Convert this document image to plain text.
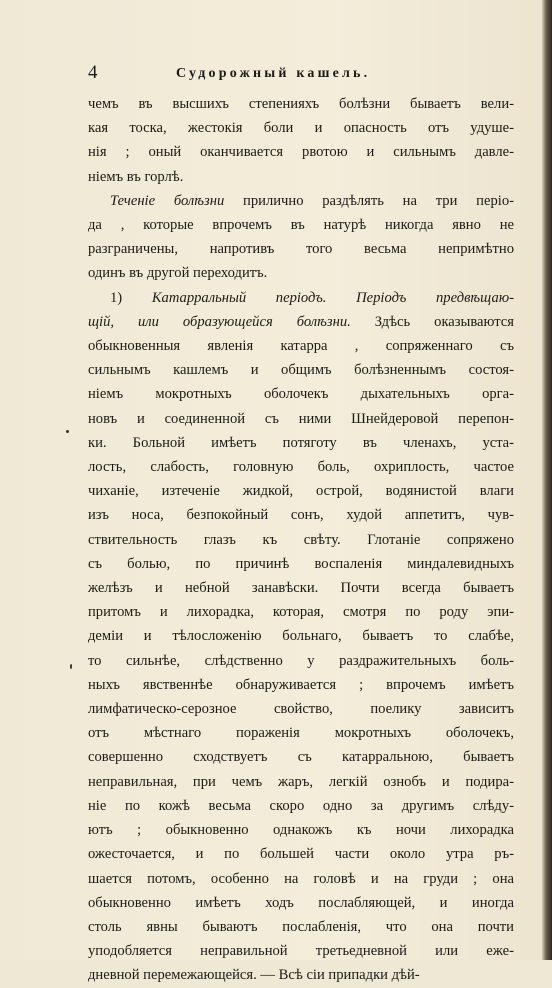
4	Судорожный кашель.

чемъ въ высшихъ степенияхъ болѣзни бываетъ вели-
кая тоска, жестокія боли и опасность отъ удуше-
нія ; оный оканчивается рвотою и сильнымъ давле-
ніемъ въ горлѣ.

Теченіе болѣзни прилично раздѣлять на три періо-
да , которые впрочемъ въ натурѣ никогда явно не
разграничены, напротивъ того весьма непримѣтно
одинъ въ другой переходитъ.

1) Катарральный періодъ. Періодъ предвѣщаю-
щій, или образующейся болѣзни. Здѣсь оказываются
обыкновенныя явленія катарра , сопряженнаго съ
сильнымъ кашлемъ и общимъ болѣзненнымъ состоя-
ніемъ мокротныхъ оболочекъ дыхательныхъ орга-
новъ и соединенной съ ними Шнейдеровой перепон-
ки. Больной имѣетъ потяготу въ членахъ, устa-
лость, слабость, головную боль, охриплость, частое
чиханіе, изтеченіе жидкой, острой, водянистой влаги
изъ носа, безпокойный сонъ, худой аппетитъ, чув-
ствительность глазъ къ свѣту. Глотаніе сопряжено
съ болью, по причинѣ воспаленія миндалевидныхъ
желѣзъ и небной занавѣски. Почти всегда бываетъ
притомъ и лихорадка, которая, смотря по роду эпи-
деміи и тѣлосложенію больнаго, бываетъ то слабѣе,
то сильнѣе, слѣдственно у раздражительныхъ боль-
ныхъ явственнѣе обнаруживается ; впрочемъ имѣетъ
лимфатическо-серозное свойство, поелику зависитъ
отъ мѣстнаго пораженія мокротныхъ оболочекъ,
совершенно сходствуетъ съ катарральною, бываетъ
неправильная, при чемъ жаръ, легкій ознобъ и подира-
ніе по кожѣ весьма скоро одно за другимъ слѣду-
ютъ ; обыкновенно однакожъ къ ночи лихорадка
ожесточается, и по большей части около утра ръ-
шается потомъ, особенно на головѣ и на груди ; она
обыкновенно имѣетъ ходъ послабляющей, и иногда
столь явны бываютъ послабленія, что она почти
уподобляется неправильной третьедневной или еже-
дневной перемежающейся. — Всѣ сіи припадки дѣй-
